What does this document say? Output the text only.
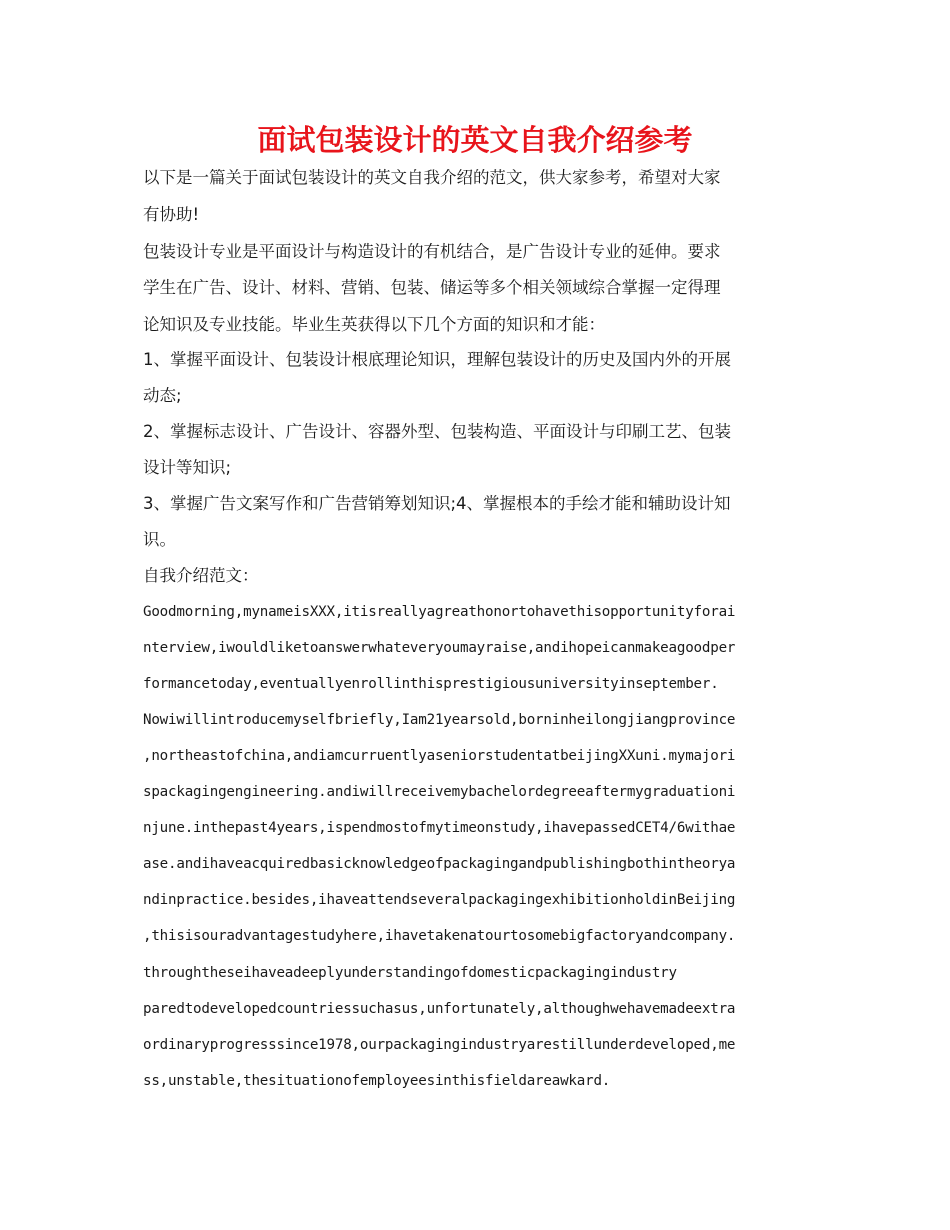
面试包装设计的英文自我介绍参考
以下是一篇关于面试包装设计的英文自我介绍的范文，供大家参考，希望对大家
有协助!
包装设计专业是平面设计与构造设计的有机结合，是广告设计专业的延伸。要求
学生在广告、设计、材料、营销、包装、储运等多个相关领域综合掌握一定得理
论知识及专业技能。毕业生英获得以下几个方面的知识和才能：
1、掌握平面设计、包装设计根底理论知识，理解包装设计的历史及国内外的开展
动态;
2、掌握标志设计、广告设计、容器外型、包装构造、平面设计与印刷工艺、包装
设计等知识;
3、掌握广告文案写作和广告营销筹划知识;4、掌握根本的手绘才能和辅助设计知
识。
自我介绍范文：
Goodmorning,mynameisXXX,itisreallyagreathonortohavethisopportunityforai
nterview,iwouldliketoanswerwhateveryoumayraise,andihopeicanmakeagoodper
formancetoday,eventuallyenrollinthisprestigiousuniversityinseptember.
Nowiwillintroducemyselfbriefly,Iam21yearsold,borninheilongjiangprovince
,northeastofchina,andiamcurruentlyaseniorstudentatbeijingXXuni.mymajori
spackagingengineering.andiwillreceivemybachelordegreeaftermygraduationi
njune.inthepast4years,ispendmostofmytimeonstudy,ihavepassedCET4/6withae
ase.andihaveacquiredbasicknowledgeofpackagingandpublishingbothintheorya
ndinpractice.besides,ihaveattendseveralpackagingexhibitionholdinBeijing
,thisisouradvantagestudyhere,ihavetakenatourtosomebigfactoryandcompany.
throughtheseihaveadeeplyunderstandingofdomesticpackagingindustry
paredtodevelopedcountriessuchasus,unfortunately,althoughwehavemadeextra
ordinaryprogresssince1978,ourpackagingindustryarestillunderdeveloped,me
ss,unstable,thesituationofemployeesinthisfieldareawkard.
